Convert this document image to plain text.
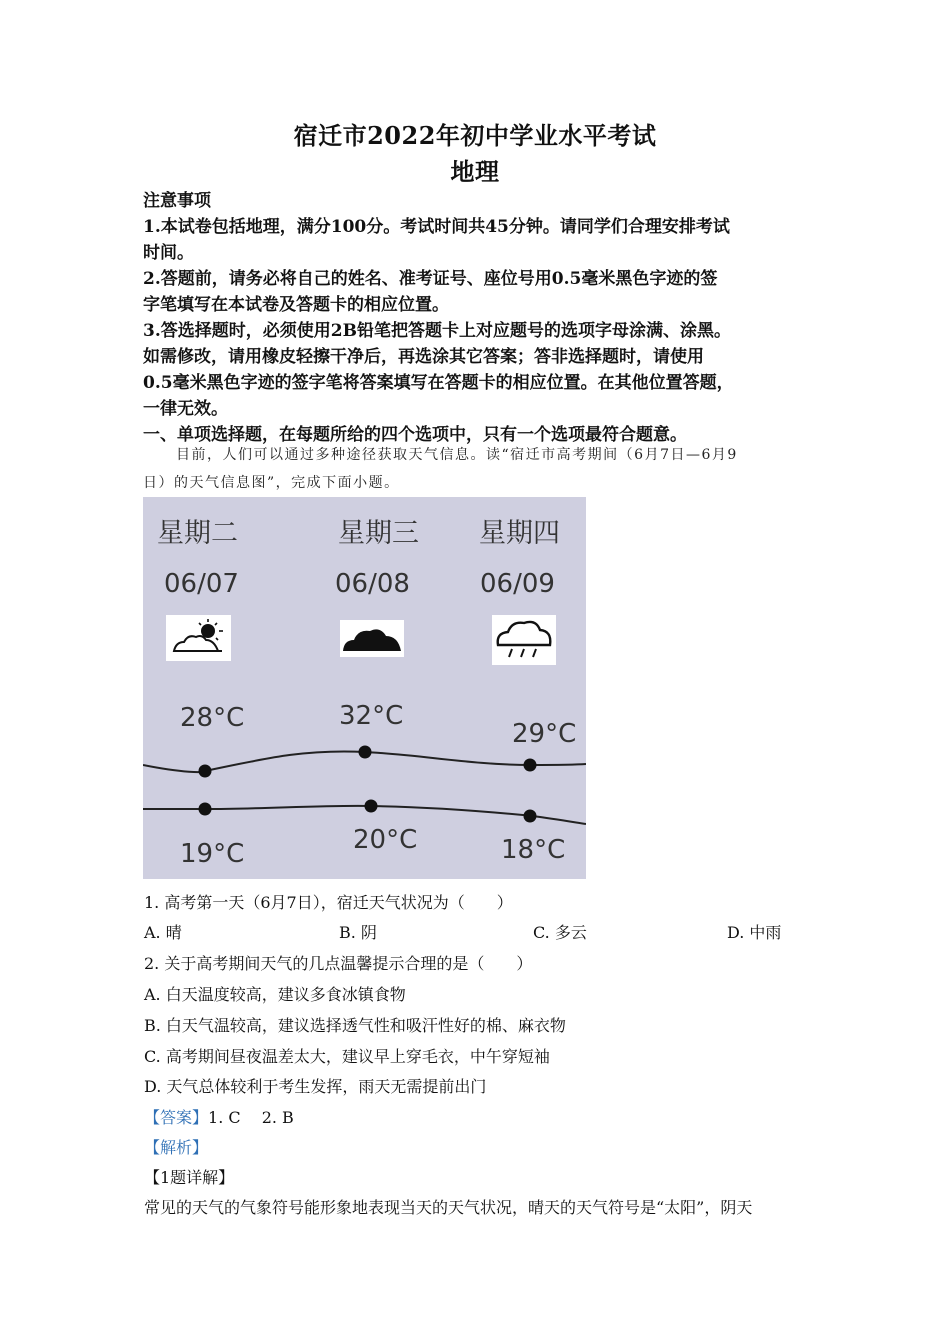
宿迁市2022年初中学业水平考试
地理
注意事项
1.本试卷包括地理，满分100分。考试时间共45分钟。请同学们合理安排考试
时间。
2.答题前，请务必将自己的姓名、准考证号、座位号用0.5毫米黑色字迹的签
字笔填写在本试卷及答题卡的相应位置。
3.答选择题时，必须使用2B铅笔把答题卡上对应题号的选项字母涂满、涂黑。
如需修改，请用橡皮轻擦干净后，再选涂其它答案；答非选择题时，请使用
0.5毫米黑色字迹的签字笔将答案填写在答题卡的相应位置。在其他位置答题，
一律无效。
一、单项选择题，在每题所给的四个选项中，只有一个选项最符合题意。
目前，人们可以通过多种途径获取天气信息。读“宿迁市高考期间（6月7日—6月9
日）的天气信息图”，完成下面小题。
星期二	星期三 星期四
06/07	06/08	06/09
28°C	32°C
29°C
19°C	20°C	18°C
1. 高考第一天（6月7日），宿迁天气状况为（　　）
A. 晴	B. 阴	C. 多云	D. 中雨
2. 关于高考期间天气的几点温馨提示合理的是（　　）
A. 白天温度较高，建议多食冰镇食物
B. 白天气温较高，建议选择透气性和吸汗性好的棉、麻衣物
C. 高考期间昼夜温差太大，建议早上穿毛衣，中午穿短袖
D. 天气总体较利于考生发挥，雨天无需提前出门
【答案】1. C　 2. B
【解析】
【1题详解】
常见的天气的气象符号能形象地表现当天的天气状况，晴天的天气符号是“太阳”，阴天
